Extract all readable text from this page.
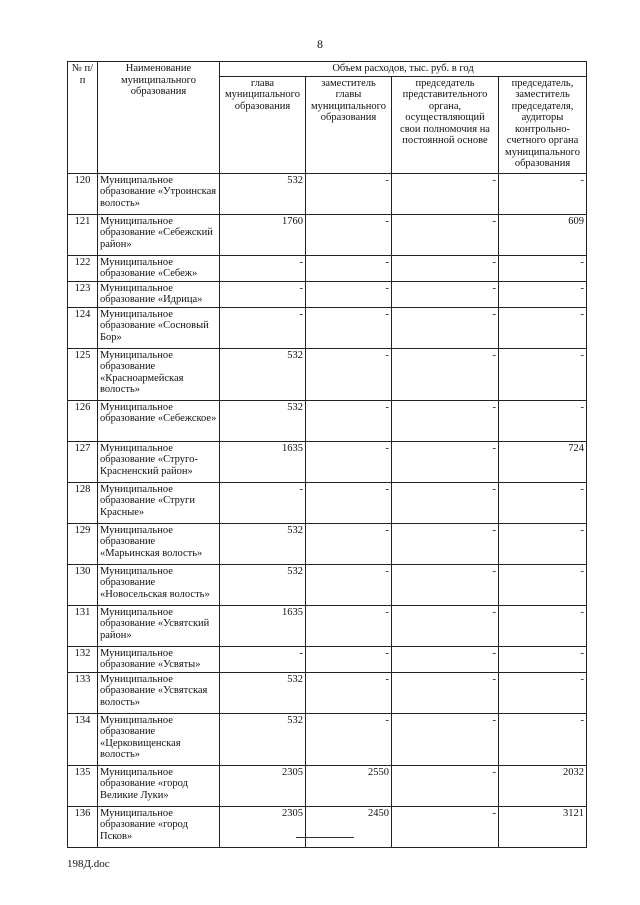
8
№ п/п	Наименование муниципального образования	Объем расходов, тыс. руб. в год			
		глава муниципального образования	заместитель главы муниципального образования	председатель представительного органа, осуществляющий свои полномочия на постоянной основе	председатель, заместитель председателя, аудиторы контрольно-счетного органа муниципального образования
120	Муниципальное образование «Утроинская волость»	532	-	-	-
121	Муниципальное образование «Себежский район»	1760	-	-	609
122	Муниципальное образование «Себеж»	-	-	-	-
123	Муниципальное образование «Идрица»	-	-	-	-
124	Муниципальное образование «Сосновый Бор»	-	-	-	-
125	Муниципальное образование «Красноармейская волость»	532	-	-	-
126	Муниципальное образование «Себежское»	532	-	-	-
127	Муниципальное образование «Струго-Красненский район»	1635	-	-	724
128	Муниципальное образование «Струги Красные»	-	-	-	-
129	Муниципальное образование «Марьинская волость»	532	-	-	-
130	Муниципальное образование «Новосельская волость»	532	-	-	-
131	Муниципальное образование «Усвятский район»	1635	-	-	-
132	Муниципальное образование «Усвяты»	-	-	-	-
133	Муниципальное образование «Усвятская волость»	532	-	-	-
134	Муниципальное образование «Церковищенская волость»	532	-	-	-
135	Муниципальное образование «город Великие Луки»	2305	2550	-	2032
136	Муниципальное образование «город Псков»	2305	2450	-	3121
198Д.doc
